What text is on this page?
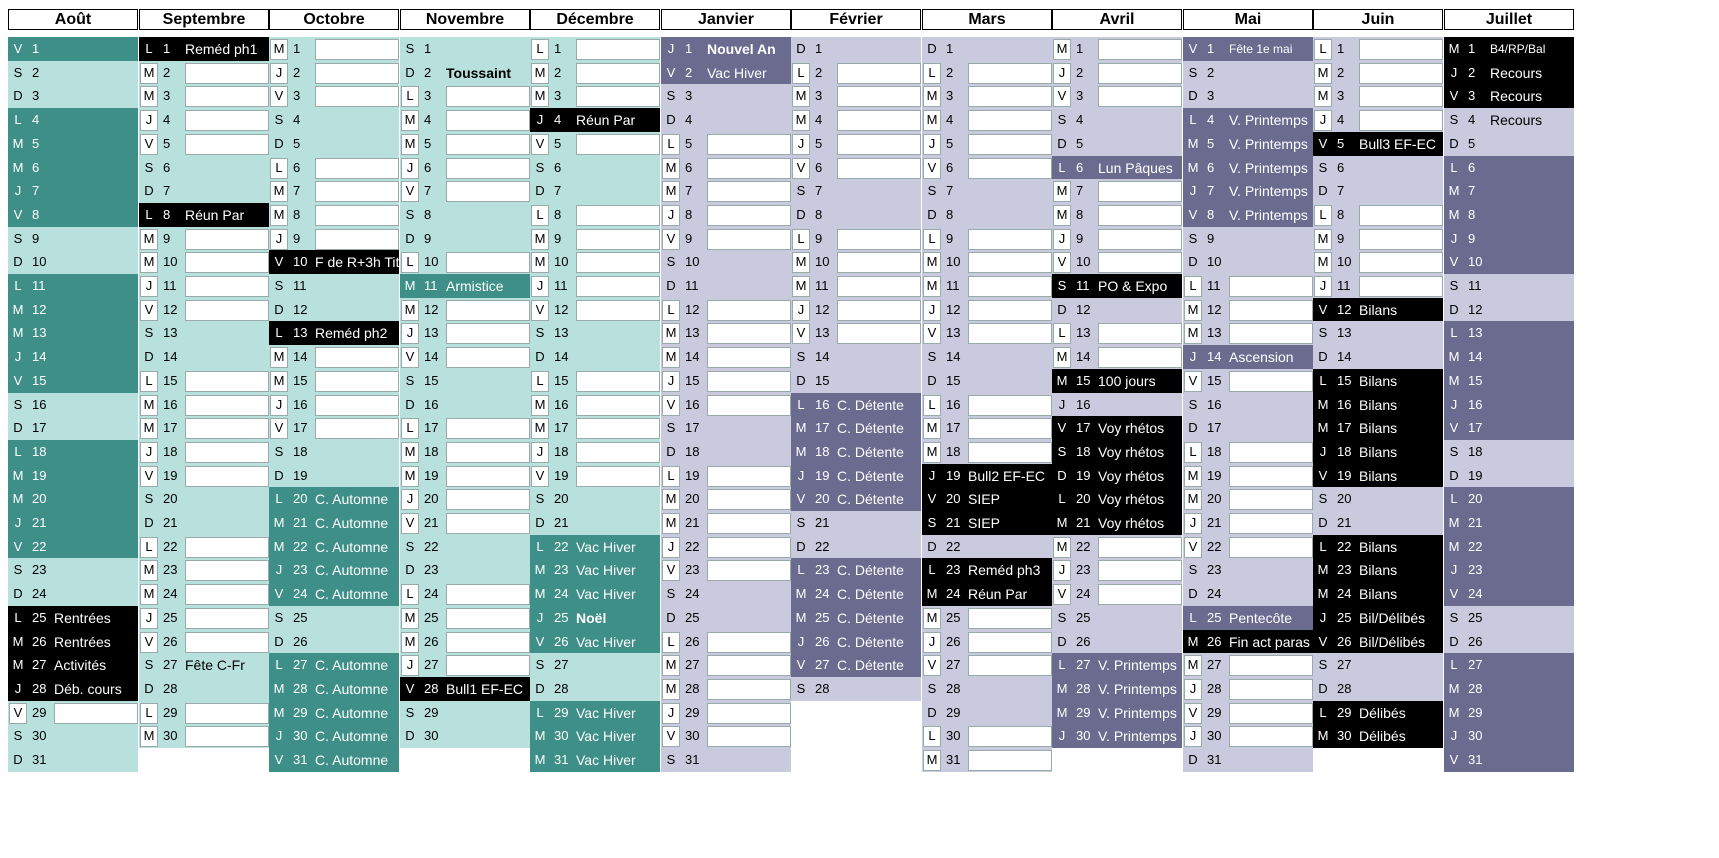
Août
V 1
S 2
D 3
L 4
M 5
M 6
J 7
V 8
S 9
D 10
L 11
M 12
M 13
J 14
V 15
S 16
D 17
L 18
M 19
M 20
J 21
V 22
S 23
D 24
L 25 Rentrées
M 26 Rentrées
M 27 Activités
J 28 Déb. cours
V 29
S 30
D 31
Septembre
L 1	Reméd ph1
M 2
M 3
J 4
V 5
S 6
D 7
L 8	Réun Par
M 9
M 10
J 11
V 12
S 13
D 14
L 15
M 16
M 17
J 18
V 19
S 20
D 21
L 22
M 23
M 24
J 25
V 26
S 27 Fête C-Fr
D 28
L 29
M 30
Octobre
M 1
J 2
V 3
S 4
D 5
L 6
M 7
M 8
J 9
V 10 F de R+3h Tit
S 11
D 12
L 13 Reméd ph2
M 14
M 15
J 16
V 17
S 18
D 19
L 20 C. Automne
M 21 C. Automne
M 22 C. Automne
J 23 C. Automne
V 24 C. Automne
S 25
D 26
L 27 C. Automne
M 28 C. Automne
M 29 C. Automne
J 30 C. Automne
V 31 C. Automne
Novembre
S 1
D 2	Toussaint
L 3
M 4
M 5
J 6
V 7
S 8
D 9
L 10
M 11 Armistice
M 12
J 13
V 14
S 15
D 16
L 17
M 18
M 19
J 20
V 21
S 22
D 23
L 24
M 25
M 26
J 27
V 28 Bull1 EF-EC
S 29
D 30
Décembre
L 1
M 2
M 3
J 4	Réun Par
V 5
S 6
D 7
L 8
M 9
M 10
J 11
V 12
S 13
D 14
L 15
M 16
M 17
J 18
V 19
S 20
D 21
L 22 Vac Hiver
M 23 Vac Hiver
M 24 Vac Hiver
J 25 Noël
V 26 Vac Hiver
S 27
D 28
L 29 Vac Hiver
M 30 Vac Hiver
M 31 Vac Hiver
Janvier
J 1	Nouvel An
V 2	Vac Hiver
S 3
D 4
L 5
M 6
M 7
J 8
V 9
S 10
D 11
L 12
M 13
M 14
J 15
V 16
S 17
D 18
L 19
M 20
M 21
J 22
V 23
S 24
D 25
L 26
M 27
M 28
J 29
V 30
S 31
Février
D 1
L 2
M 3
M 4
J 5
V 6
S 7
D 8
L 9
M 10
M 11
J 12
V 13
S 14
D 15
L 16 C. Détente
M 17 C. Détente
M 18 C. Détente
J 19 C. Détente
V 20 C. Détente
S 21
D 22
L 23 C. Détente
M 24 C. Détente
M 25 C. Détente
J 26 C. Détente
V 27 C. Détente
S 28
Mars
D 1
L 2
M 3
M 4
J 5
V 6
S 7
D 8
L 9
M 10
M 11
J 12
V 13
S 14
D 15
L 16
M 17
M 18
J 19 Bull2 EF-EC
V 20 SIEP
S 21 SIEP
D 22
L 23 Reméd ph3
M 24 Réun Par
M 25
J 26
V 27
S 28
D 29
L 30
M 31
Avril
M 1
J 2
V 3
S 4
D 5
L 6	Lun Pâques
M 7
M 8
J 9
V 10
S 11 PO & Expo
D 12
L 13
M 14
M 15 100 jours
J 16
V 17 Voy rhétos
S 18 Voy rhétos
D 19 Voy rhétos
L 20 Voy rhétos
M 21 Voy rhétos
M 22
J 23
V 24
S 25
D 26
L 27 V. Printemps
M 28 V. Printemps
M 29 V. Printemps
J 30 V. Printemps
Mai
V 1	Fête 1e mai
S 2
D 3
L 4	V. Printemps
M 5	V. Printemps
M 6	V. Printemps
J 7	V. Printemps
V 8	V. Printemps
S 9
D 10
L 11
M 12
M 13
J 14 Ascension
V 15
S 16
D 17
L 18
M 19
M 20
J 21
V 22
S 23
D 24
L 25 Pentecôte
M 26 Fin act paras
M 27
J 28
V 29
J 30
D 31
Juin
L 1
M 2
M 3
J 4
V 5	Bull3 EF-EC
S 6
D 7
L 8
M 9
M 10
J 11
V 12 Bilans
S 13
D 14
L 15 Bilans
M 16 Bilans
M 17 Bilans
J 18 Bilans
V 19 Bilans
S 20
D 21
L 22 Bilans
M 23 Bilans
M 24 Bilans
J 25 Bil/Délibés
V 26 Bil/Délibés
S 27
D 28
L 29 Délibés
M 30 Délibés
Juillet
M 1	B4/RP/Bal
J 2	Recours
V 3	Recours
S 4	Recours
D 5
L 6
M 7
M 8
J 9
V 10
S 11
D 12
L 13
M 14
M 15
J 16
V 17
S 18
D 19
L 20
M 21
M 22
J 23
V 24
S 25
D 26
L 27
M 28
M 29
J 30
V 31
